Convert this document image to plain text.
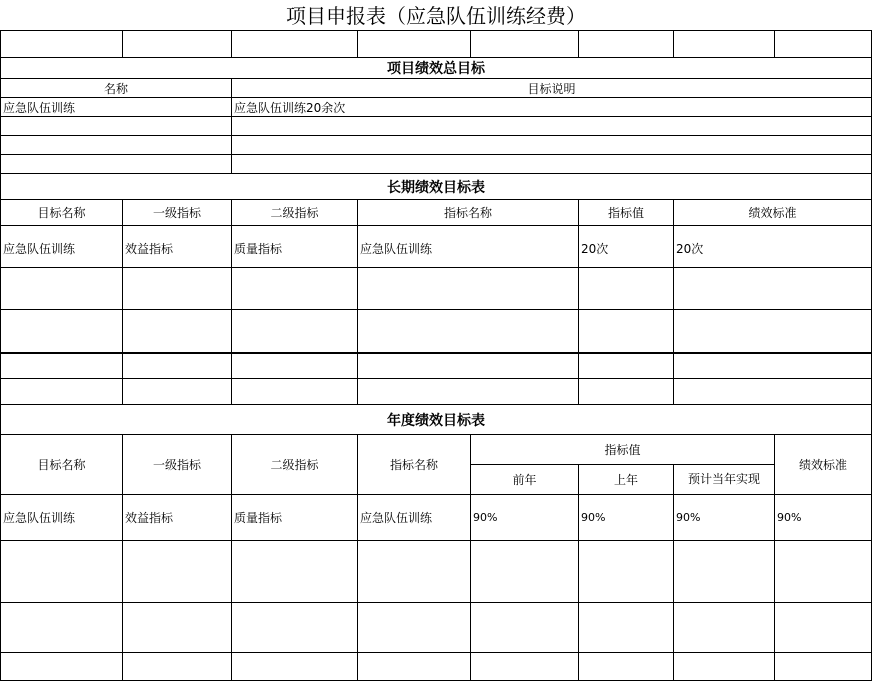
项目申报表（应急队伍训练经费）

项目绩效总目标							
名称		目标说明					
应急队伍训练		应急队伍训练20余次					

长期绩效目标表							
目标名称	一级指标	二级指标	指标名称		指标值	绩效标准	
应急队伍训练	效益指标	质量指标	应急队伍训练		20次	20次	

年度绩效目标表							
目标名称	一级指标	二级指标	指标名称	指标值			绩效标准
				前年	上年	预计当年实现	
应急队伍训练	效益指标	质量指标	应急队伍训练	90%	90%	90%	90%
